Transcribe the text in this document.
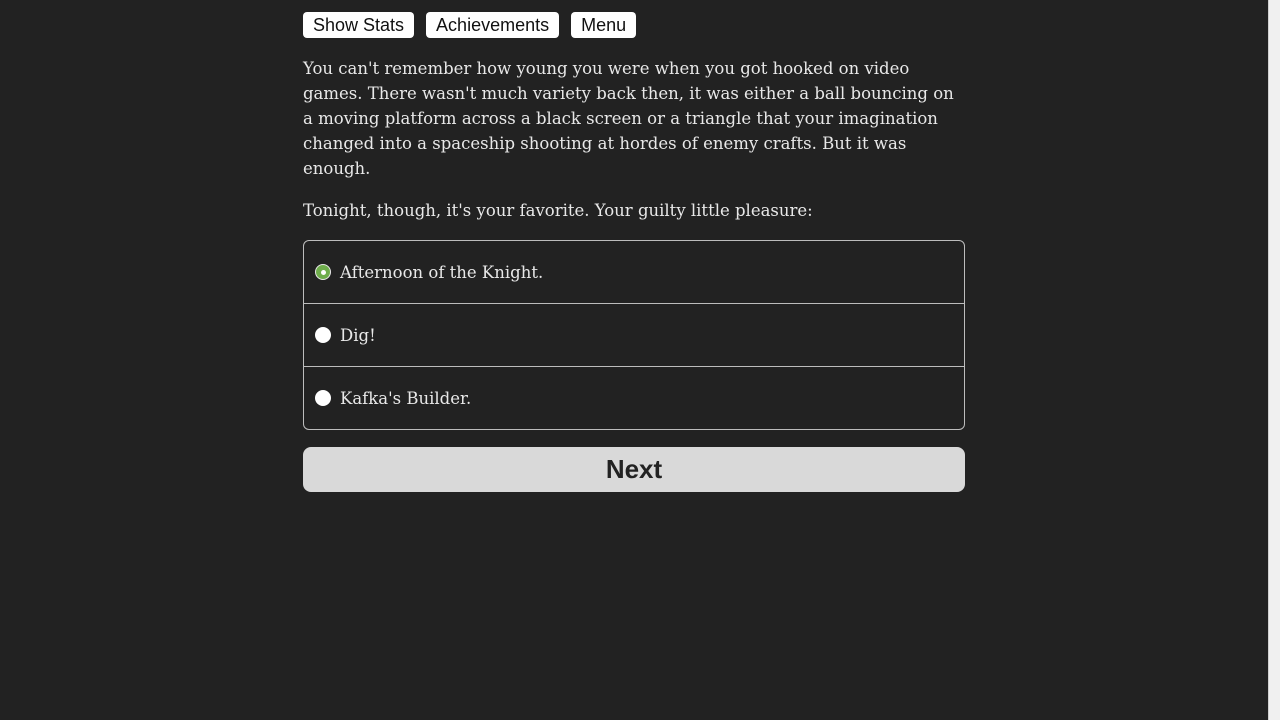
Show Stats	Achievements	Menu

You can't remember how young you were when you got hooked on video games. There wasn't much variety back then, it was either a ball bouncing on a moving platform across a black screen or a triangle that your imagination changed into a spaceship shooting at hordes of enemy crafts. But it was enough.

Tonight, though, it's your favorite. Your guilty little pleasure:

Afternoon of the Knight.
Dig!
Kafka's Builder.
Next
